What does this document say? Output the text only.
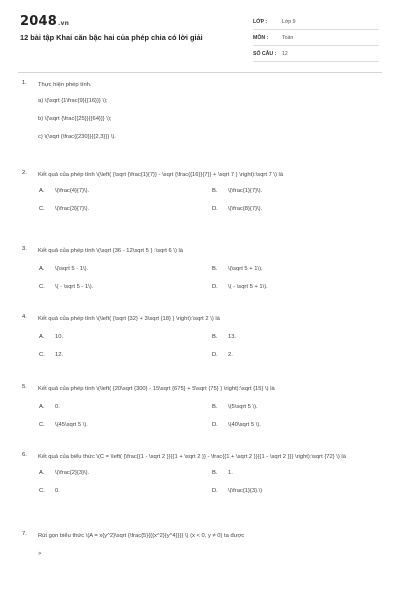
2048.vn
12 bài tập Khai căn bậc hai của phép chia có lời giải
LỚP :	Lớp 9
MÔN :	Toán
SỐ CÂU :	12
1. Thực hiện phép tính.
a) \(\sqrt {1\frac{9}{{16}}} \);
b) \(\sqrt {\frac{{25}}{{64}}} \);
c) \(\sqrt {\frac{{230}}{{2,3}}} \).
2. Kết quả của phép tính \(\left( {\sqrt {\frac{1}{7}} - \sqrt {\frac{{16}}{7}} + \sqrt 7 } \right):\sqrt 7 \) là
A. \(\frac{4}{7}\).	B. \(\frac{1}{7}\).
C. \(\frac{3}{7}\).	D. \(\frac{8}{7}\).
3. Kết quả của phép tính \(\sqrt {36 - 12\sqrt 5 } :\sqrt 6 \) là
A. \(\sqrt 5 - 1\).	B. \(\sqrt 5 + 1\).
C. \( - \sqrt 5 - 1\).	D. \( - \sqrt 5 + 1\).
4. Kết quả của phép tính \(\left( {\sqrt {32} + 3\sqrt {18} } \right):\sqrt 2 \) là
A. 10.	B. 13.
C. 12.	D. 2.
5. Kết quả của phép tính \(\left( {20\sqrt {300} - 15\sqrt {675} + 5\sqrt {75} } \right):\sqrt {15} \) là
A. 0.	B. \(5\sqrt 5 \).
C. \(45\sqrt 5 \).	D. \(40\sqrt 5 \).
6. Kết quả của biểu thức \(C = \left( {\frac{{1 - \sqrt 2 }}{{1 + \sqrt 2 }} - \frac{{1 + \sqrt 2 }}{{1 - \sqrt 2 }}} \right):\sqrt {72} \) là
A. \(\frac{2}{3}\).	B. 1.
C. 0.	D. \(\frac{1}{3}.\)
7. Rút gọn biểu thức \(A = x{y^2}\sqrt {\frac{5}{{{x^2}{y^4}}}} \) (x < 0, y ≠ 0) ta được
>
